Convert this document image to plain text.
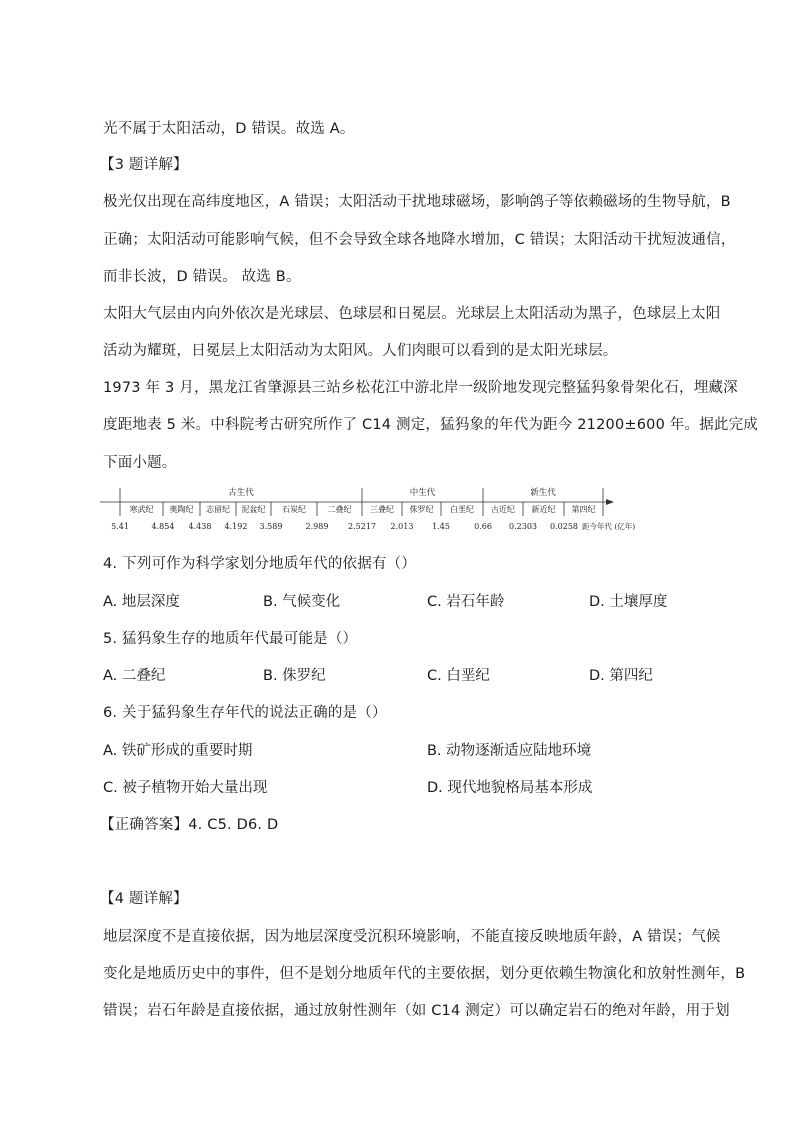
光不属于太阳活动，D 错误。故选 A。
【3 题详解】
极光仅出现在高纬度地区，A 错误；太阳活动干扰地球磁场，影响鸽子等依赖磁场的生物导航，B
正确；太阳活动可能影响气候，但不会导致全球各地降水增加，C 错误；太阳活动干扰短波通信，
而非长波，D 错误。 故选 B。
太阳大气层由内向外依次是光球层、色球层和日冕层。光球层上太阳活动为黑子，色球层上太阳
活动为耀斑，日冕层上太阳活动为太阳风。人们肉眼可以看到的是太阳光球层。
1973 年 3 月，黑龙江省肇源县三站乡松花江中游北岸一级阶地发现完整猛犸象骨架化石，埋藏深
度距地表 5 米。中科院考古研究所作了 C14 测定，猛犸象的年代为距今 21200±600 年。据此完成
下面小题。
古生代	中生代	新生代
寒武纪 奥陶纪 志留纪 泥盆纪 石炭纪	二叠纪 三叠纪 侏罗纪 白垩纪 古近纪 新近纪 第四纪
5.41	4.854 4.438 4.192 3.589	2.989 2.5217 2.013 1.45	0.66 0.2303 0.0258 距今年代 (亿年)
4. 下列可作为科学家划分地质年代的依据有（）
A. 地层深度	B. 气候变化	C. 岩石年龄	D. 土壤厚度
5. 猛犸象生存的地质年代最可能是（）
A. 二叠纪	B. 侏罗纪	C. 白垩纪	D. 第四纪
6. 关于猛犸象生存年代的说法正确的是（）
A. 铁矿形成的重要时期	B. 动物逐渐适应陆地环境
C. 被子植物开始大量出现	D. 现代地貌格局基本形成
【正确答案】4. C5. D6. D
【4 题详解】
地层深度不是直接依据，因为地层深度受沉积环境影响，不能直接反映地质年龄，A 错误；气候
变化是地质历史中的事件，但不是划分地质年代的主要依据，划分更依赖生物演化和放射性测年，B
错误；岩石年龄是直接依据，通过放射性测年（如 C14 测定）可以确定岩石的绝对年龄，用于划
